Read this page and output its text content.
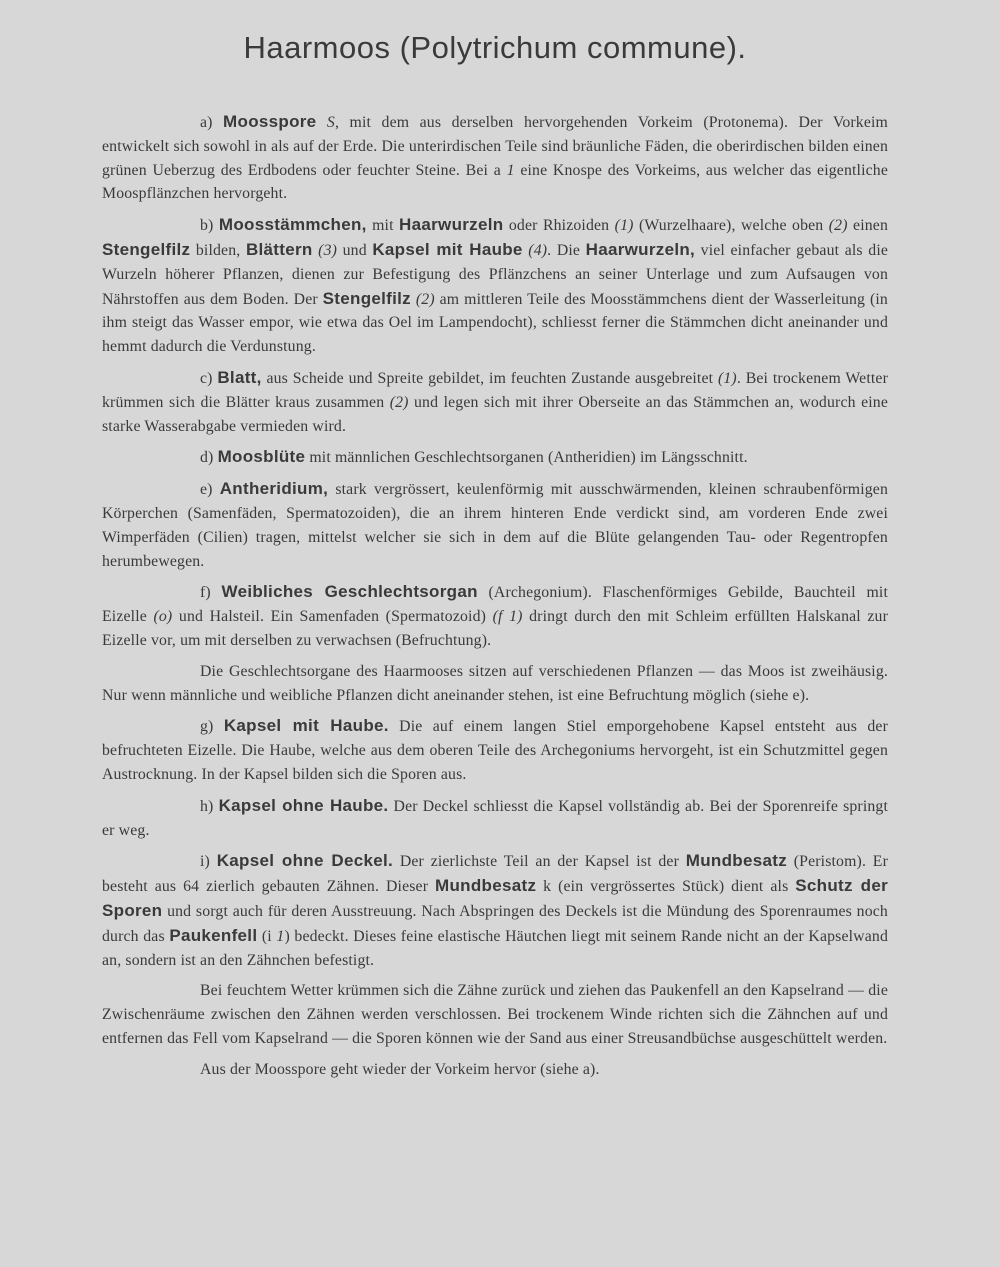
Haarmoos (Polytrichum commune).

a) Moosspore S, mit dem aus derselben hervorgehenden Vorkeim (Protonema). Der Vorkeim entwickelt sich sowohl in als auf der Erde. Die unterirdischen Teile sind bräunliche Fäden, die oberirdischen bilden einen grünen Ueberzug des Erdbodens oder feuchter Steine. Bei a 1 eine Knospe des Vorkeims, aus welcher das eigentliche Moospflänzchen hervorgeht.

b) Moosstämmchen, mit Haarwurzeln oder Rhizoiden (1) (Wurzelhaare), welche oben (2) einen Stengelfilz bilden, Blättern (3) und Kapsel mit Haube (4). Die Haarwurzeln, viel einfacher gebaut als die Wurzeln höherer Pflanzen, dienen zur Befestigung des Pflänzchens an seiner Unterlage und zum Aufsaugen von Nährstoffen aus dem Boden. Der Stengelfilz (2) am mittleren Teile des Moosstämmchens dient der Wasserleitung (in ihm steigt das Wasser empor, wie etwa das Oel im Lampendocht), schliesst ferner die Stämmchen dicht aneinander und hemmt dadurch die Verdunstung.

c) Blatt, aus Scheide und Spreite gebildet, im feuchten Zustande ausgebreitet (1). Bei trockenem Wetter krümmen sich die Blätter kraus zusammen (2) und legen sich mit ihrer Oberseite an das Stämmchen an, wodurch eine starke Wasserabgabe vermieden wird.

d) Moosblüte mit männlichen Geschlechtsorganen (Antheridien) im Längsschnitt.

e) Antheridium, stark vergrössert, keulenförmig mit ausschwärmenden, kleinen schraubenförmigen Körperchen (Samenfäden, Spermatozoiden), die an ihrem hinteren Ende verdickt sind, am vorderen Ende zwei Wimperfäden (Cilien) tragen, mittelst welcher sie sich in dem auf die Blüte gelangenden Tau- oder Regentropfen herumbewegen.

f) Weibliches Geschlechtsorgan (Archegonium). Flaschenförmiges Gebilde, Bauchteil mit Eizelle (o) und Halsteil. Ein Samenfaden (Spermatozoid) (f 1) dringt durch den mit Schleim erfüllten Halskanal zur Eizelle vor, um mit derselben zu verwachsen (Befruchtung).

Die Geschlechtsorgane des Haarmooses sitzen auf verschiedenen Pflanzen — das Moos ist zweihäusig. Nur wenn männliche und weibliche Pflanzen dicht aneinander stehen, ist eine Befruchtung möglich (siehe e).

g) Kapsel mit Haube. Die auf einem langen Stiel emporgehobene Kapsel entsteht aus der befruchteten Eizelle. Die Haube, welche aus dem oberen Teile des Archegoniums hervorgeht, ist ein Schutzmittel gegen Austrocknung. In der Kapsel bilden sich die Sporen aus.

h) Kapsel ohne Haube. Der Deckel schliesst die Kapsel vollständig ab. Bei der Sporenreife springt er weg.

i) Kapsel ohne Deckel. Der zierlichste Teil an der Kapsel ist der Mundbesatz (Peristom). Er besteht aus 64 zierlich gebauten Zähnen. Dieser Mundbesatz k (ein vergrössertes Stück) dient als Schutz der Sporen und sorgt auch für deren Ausstreuung. Nach Abspringen des Deckels ist die Mündung des Sporenraumes noch durch das Paukenfell (i 1) bedeckt. Dieses feine elastische Häutchen liegt mit seinem Rande nicht an der Kapselwand an, sondern ist an den Zähnchen befestigt.

Bei feuchtem Wetter krümmen sich die Zähne zurück und ziehen das Paukenfell an den Kapselrand — die Zwischenräume zwischen den Zähnen werden verschlossen. Bei trockenem Winde richten sich die Zähnchen auf und entfernen das Fell vom Kapselrand — die Sporen können wie der Sand aus einer Streusandbüchse ausgeschüttelt werden.

Aus der Moosspore geht wieder der Vorkeim hervor (siehe a).
